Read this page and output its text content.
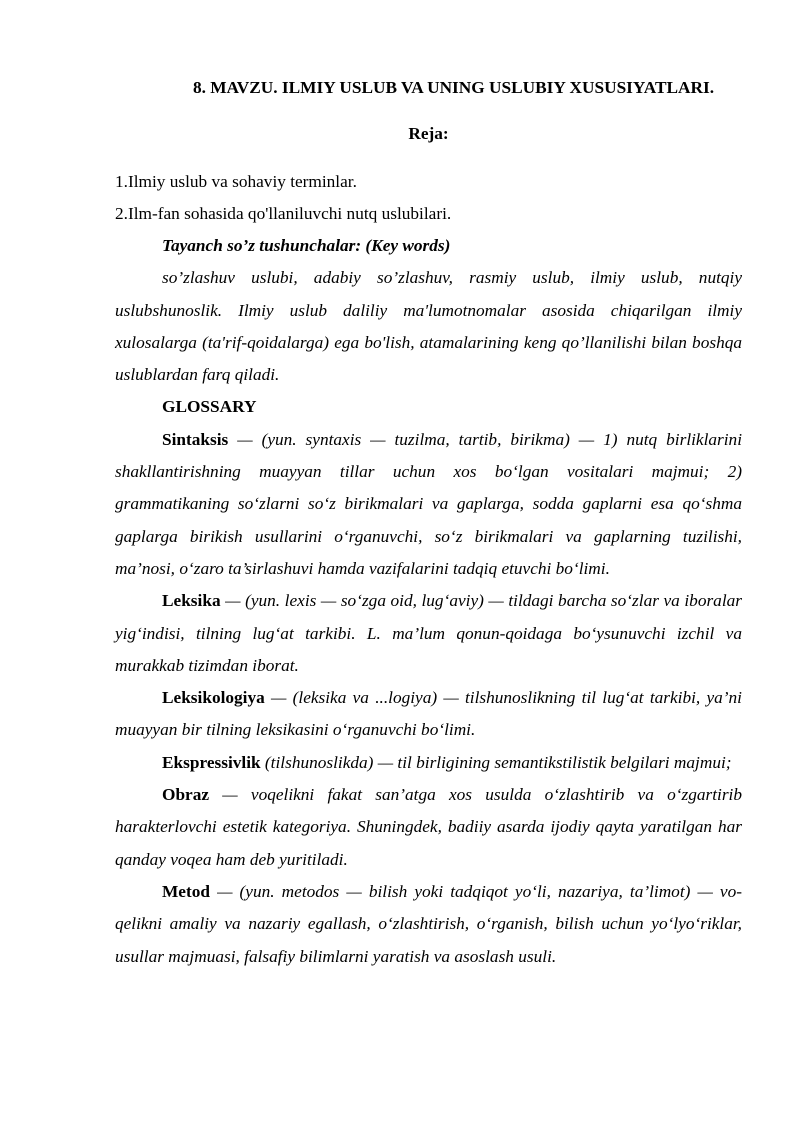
8. MAVZU. ILMIY USLUB VA UNING USLUBIY XUSUSIYATLARI.

Reja:

1.Ilmiy uslub va sohaviy terminlar.
2.Ilm-fan sohasida qo'llaniluvchi nutq uslubilari.

Tayanch so’z tushunchalar: (Key words)

so’zlashuv uslubi, adabiy so’zlashuv, rasmiy uslub, ilmiy uslub, nutqiy uslubshunoslik. Ilmiy uslub daliliy ma'lumotnomalar asosida chiqarilgan ilmiy xulosalarga (ta'rif-qoidalarga) ega bo'lish, atamalarining keng qo’llanilishi bilan boshqa uslublardan farq qiladi.

GLOSSARY

Sintaksis — (yun. syntaxis — tuzilma, tartib, birikma) — 1) nutq birliklarini shakllantirishning muayyan tillar uchun xos bo‘lgan vositalari majmui; 2) grammatikaning so‘zlarni so‘z birikmalari va gaplarga, sodda gaplarni esa qo‘shma gaplarga birikish usullarini o‘rganuvchi, so‘z birikmalari va gaplarning tuzilishi, ma’nosi, o‘zaro ta’sirlashuvi hamda vazifalarini tadqiq etuvchi bo‘limi.

Leksika — (yun. lexis — so‘zga oid, lug‘aviy) — tildagi barcha so‘zlar va iboralar yig‘indisi, tilning lug‘at tarkibi. L. ma’lum qonun-qoidaga bo‘ysunuvchi izchil va murakkab tizimdan iborat.

Leksikologiya — (leksika va ...logiya) — tilshunoslikning til lug‘at tarkibi, ya’ni muayyan bir tilning leksikasini o‘rganuvchi bo‘limi.

Ekspressivlik (tilshunoslikda) — til birligining semantikstilistik belgilari majmui;

Obraz — voqelikni fakat san’atga xos usulda o‘zlashtirib va o‘zgartirib harakterlovchi estetik kategoriya. Shuningdek, badiiy asarda ijodiy qayta yaratilgan har qanday voqea ham deb yuritiladi.

Metod — (yun. metodos — bilish yoki tadqiqot yo‘li, nazariya, ta’limot) — vo-qelikni amaliy va nazariy egallash, o‘zlashtirish, o‘rganish, bilish uchun yo‘lyo‘riklar, usullar majmuasi, falsafiy bilimlarni yaratish va asoslash usuli.
